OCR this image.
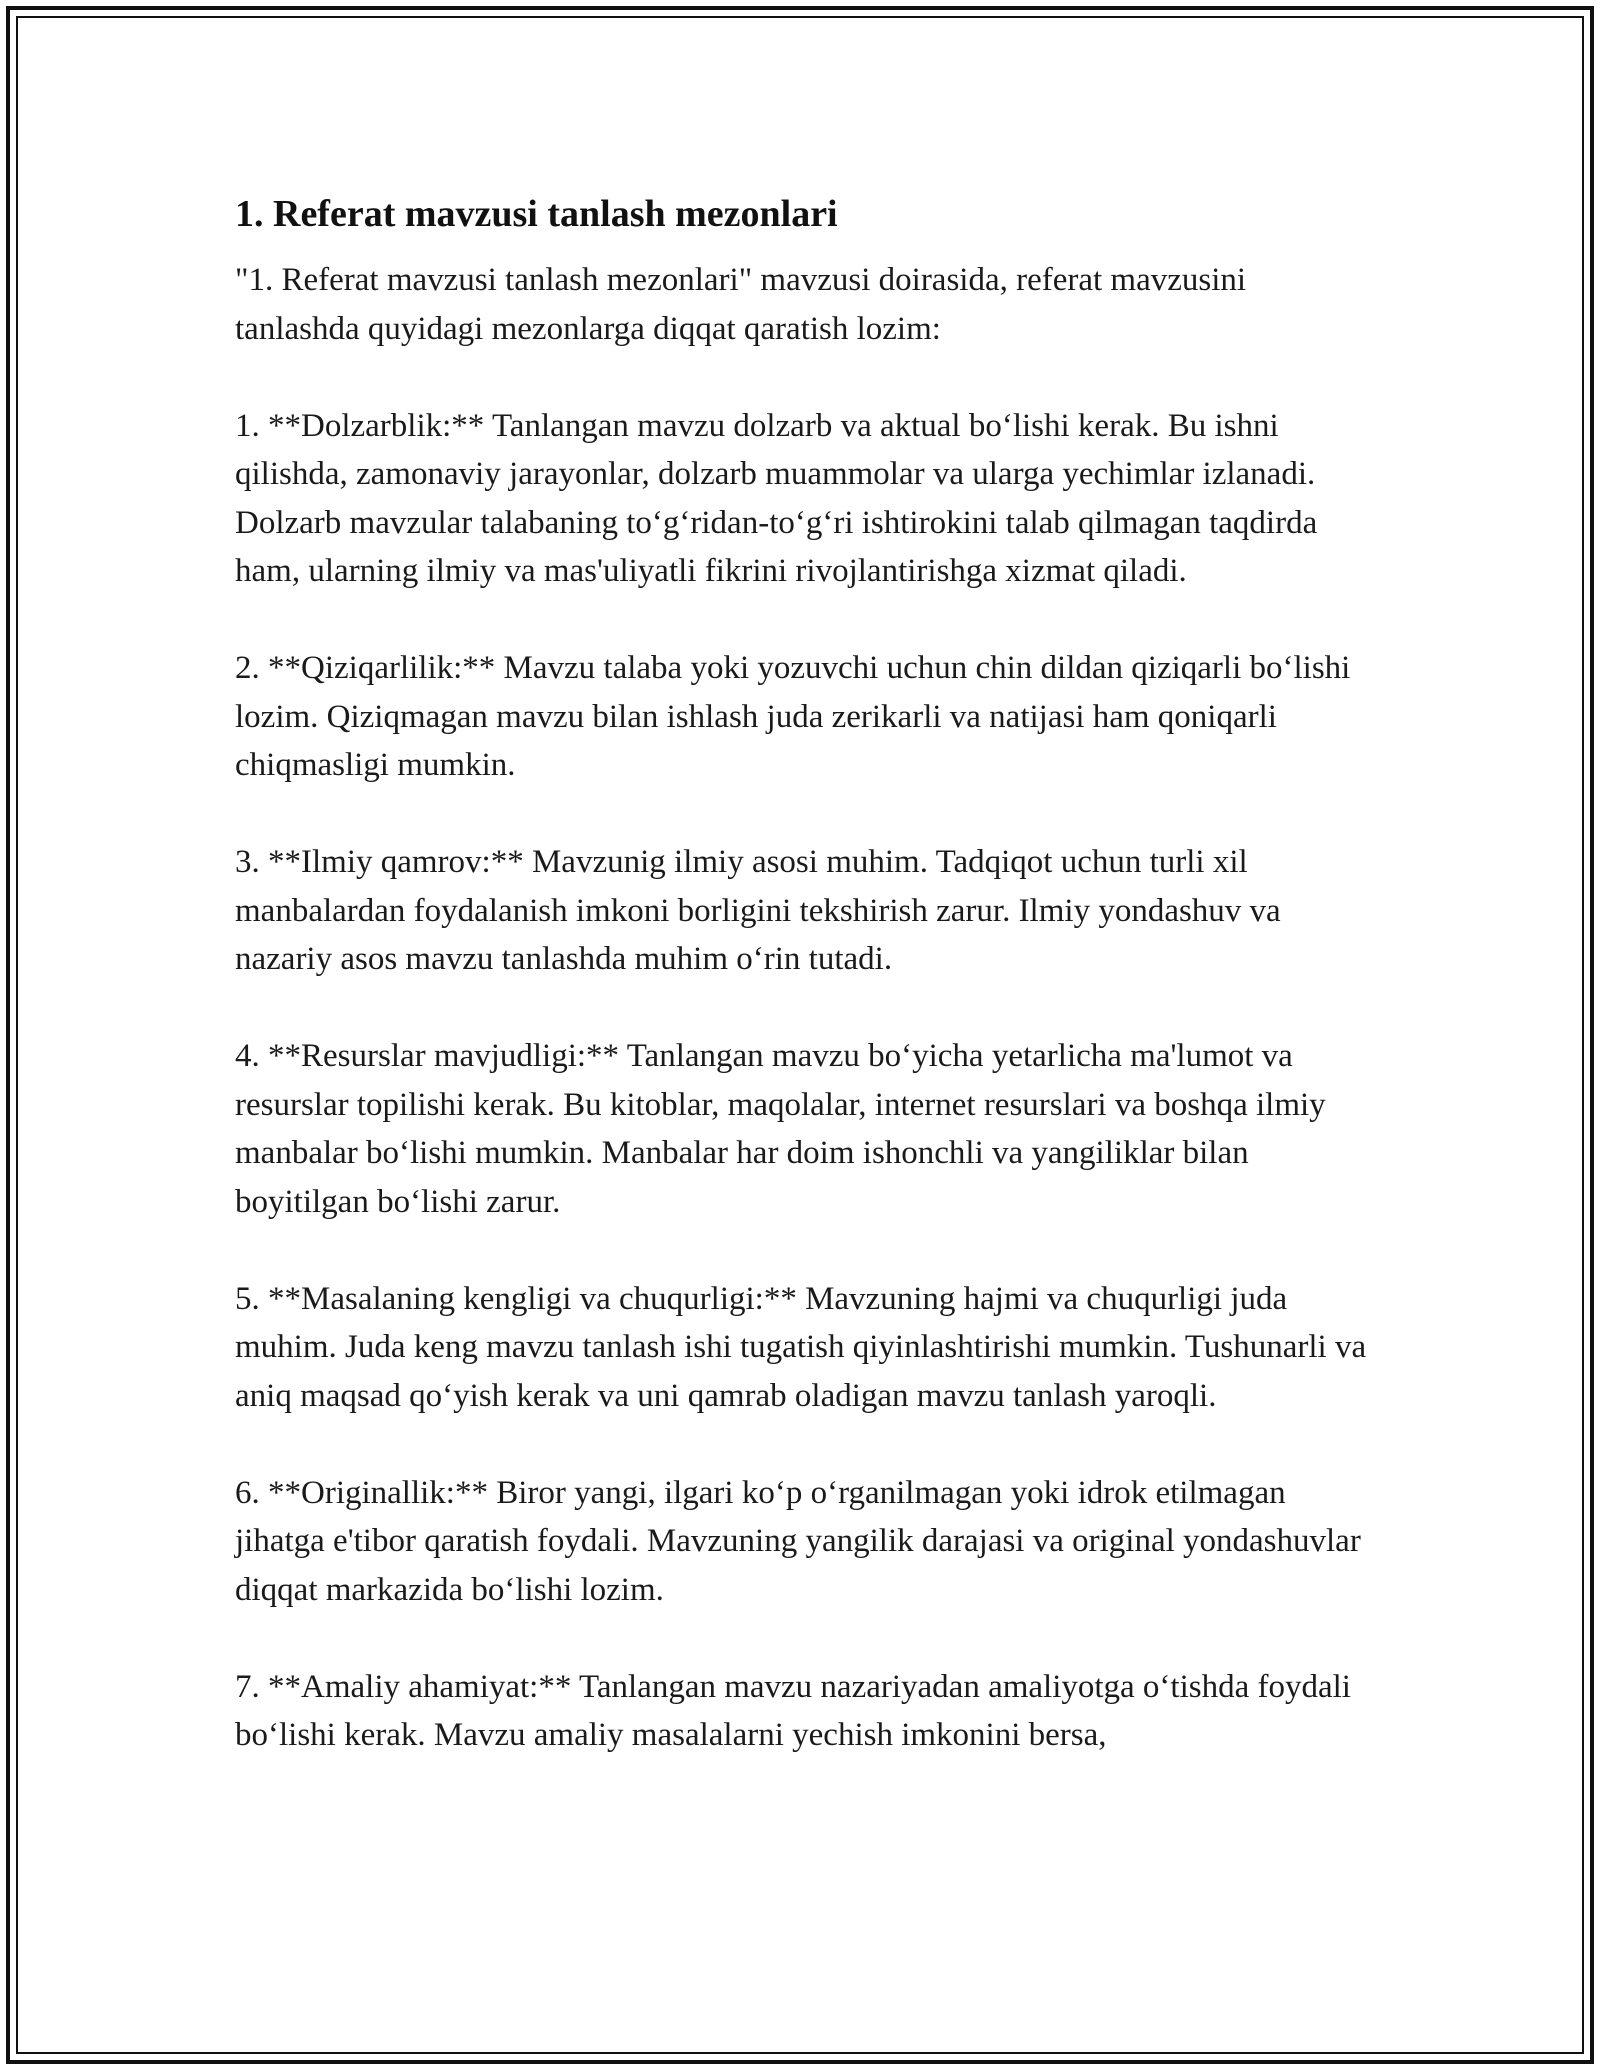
1. Referat mavzusi tanlash mezonlari

"1. Referat mavzusi tanlash mezonlari" mavzusi doirasida, referat mavzusini tanlashda quyidagi mezonlarga diqqat qaratish lozim:

1. **Dolzarblik:** Tanlangan mavzu dolzarb va aktual bo‘lishi kerak. Bu ishni qilishda, zamonaviy jarayonlar, dolzarb muammolar va ularga yechimlar izlanadi. Dolzarb mavzular talabaning to‘g‘ridan-to‘g‘ri ishtirokini talab qilmagan taqdirda ham, ularning ilmiy va mas'uliyatli fikrini rivojlantirishga xizmat qiladi.

2. **Qiziqarlilik:** Mavzu talaba yoki yozuvchi uchun chin dildan qiziqarli bo‘lishi lozim. Qiziqmagan mavzu bilan ishlash juda zerikarli va natijasi ham qoniqarli chiqmasligi mumkin.

3. **Ilmiy qamrov:** Mavzunig ilmiy asosi muhim. Tadqiqot uchun turli xil manbalardan foydalanish imkoni borligini tekshirish zarur. Ilmiy yondashuv va nazariy asos mavzu tanlashda muhim o‘rin tutadi.

4. **Resurslar mavjudligi:** Tanlangan mavzu bo‘yicha yetarlicha ma'lumot va resurslar topilishi kerak. Bu kitoblar, maqolalar, internet resurslari va boshqa ilmiy manbalar bo‘lishi mumkin. Manbalar har doim ishonchli va yangiliklar bilan boyitilgan bo‘lishi zarur.

5. **Masalaning kengligi va chuqurligi:** Mavzuning hajmi va chuqurligi juda muhim. Juda keng mavzu tanlash ishi tugatish qiyinlashtirishi mumkin. Tushunarli va aniq maqsad qo‘yish kerak va uni qamrab oladigan mavzu tanlash yaroqli.

6. **Originallik:** Biror yangi, ilgari ko‘p o‘rganilmagan yoki idrok etilmagan jihatga e'tibor qaratish foydali. Mavzuning yangilik darajasi va original yondashuvlar diqqat markazida bo‘lishi lozim.

7. **Amaliy ahamiyat:** Tanlangan mavzu nazariyadan amaliyotga o‘tishda foydali bo‘lishi kerak. Mavzu amaliy masalalarni yechish imkonini bersa,
